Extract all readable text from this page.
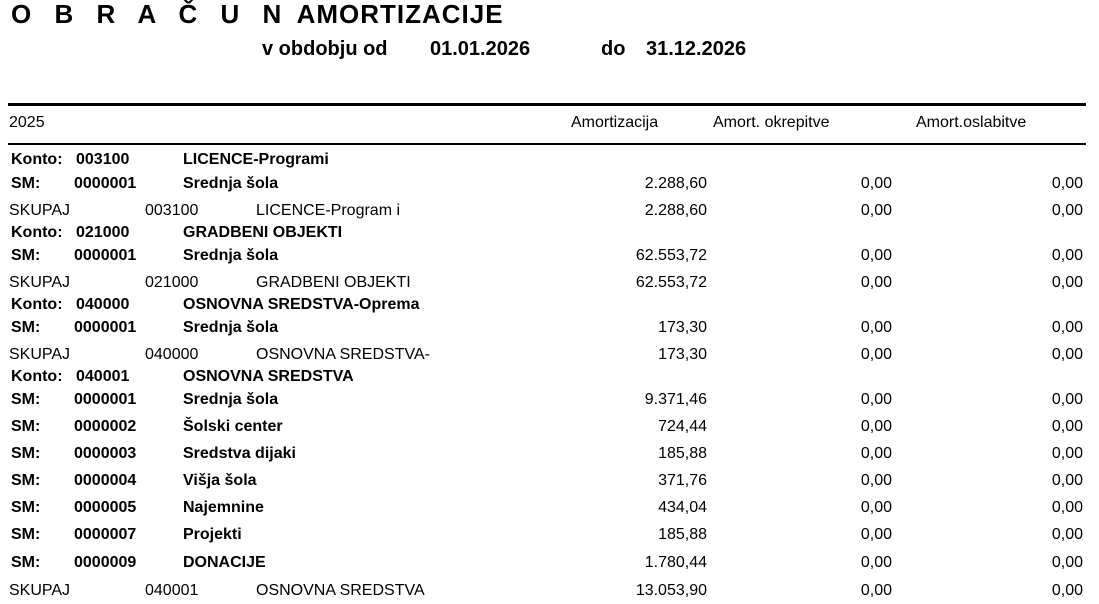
O B R A Č U N AMORTIZACIJE
v obdobju od 01.01.2026	do 31.12.2026
2025	Amortizacija	Amort. okrepitve	Amort.oslabitve
Konto: 003100	LICENCE-Programi
SM: 0000001	Srednja šola	2.288,60	0,00	0,00
SKUPAJ	003100	LICENCE-Program i	2.288,60	0,00	0,00
Konto: 021000	GRADBENI OBJEKTI
SM: 0000001	Srednja šola	62.553,72	0,00	0,00
SKUPAJ	021000	GRADBENI OBJEKTI	62.553,72	0,00	0,00
Konto: 040000	OSNOVNA SREDSTVA-Oprema
SM: 0000001	Srednja šola	173,30	0,00	0,00
SKUPAJ	040000	OSNOVNA SREDSTVA-	173,30	0,00	0,00
Konto: 040001	OSNOVNA SREDSTVA
SM: 0000001	Srednja šola	9.371,46	0,00	0,00
SM: 0000002	Šolski center	724,44	0,00	0,00
SM: 0000003	Sredstva dijaki	185,88	0,00	0,00
SM: 0000004	Višja šola	371,76	0,00	0,00
SM: 0000005	Najemnine	434,04	0,00	0,00
SM: 0000007	Projekti	185,88	0,00	0,00
SM: 0000009	DONACIJE	1.780,44	0,00	0,00
SKUPAJ	040001	OSNOVNA SREDSTVA	13.053,90	0,00	0,00
